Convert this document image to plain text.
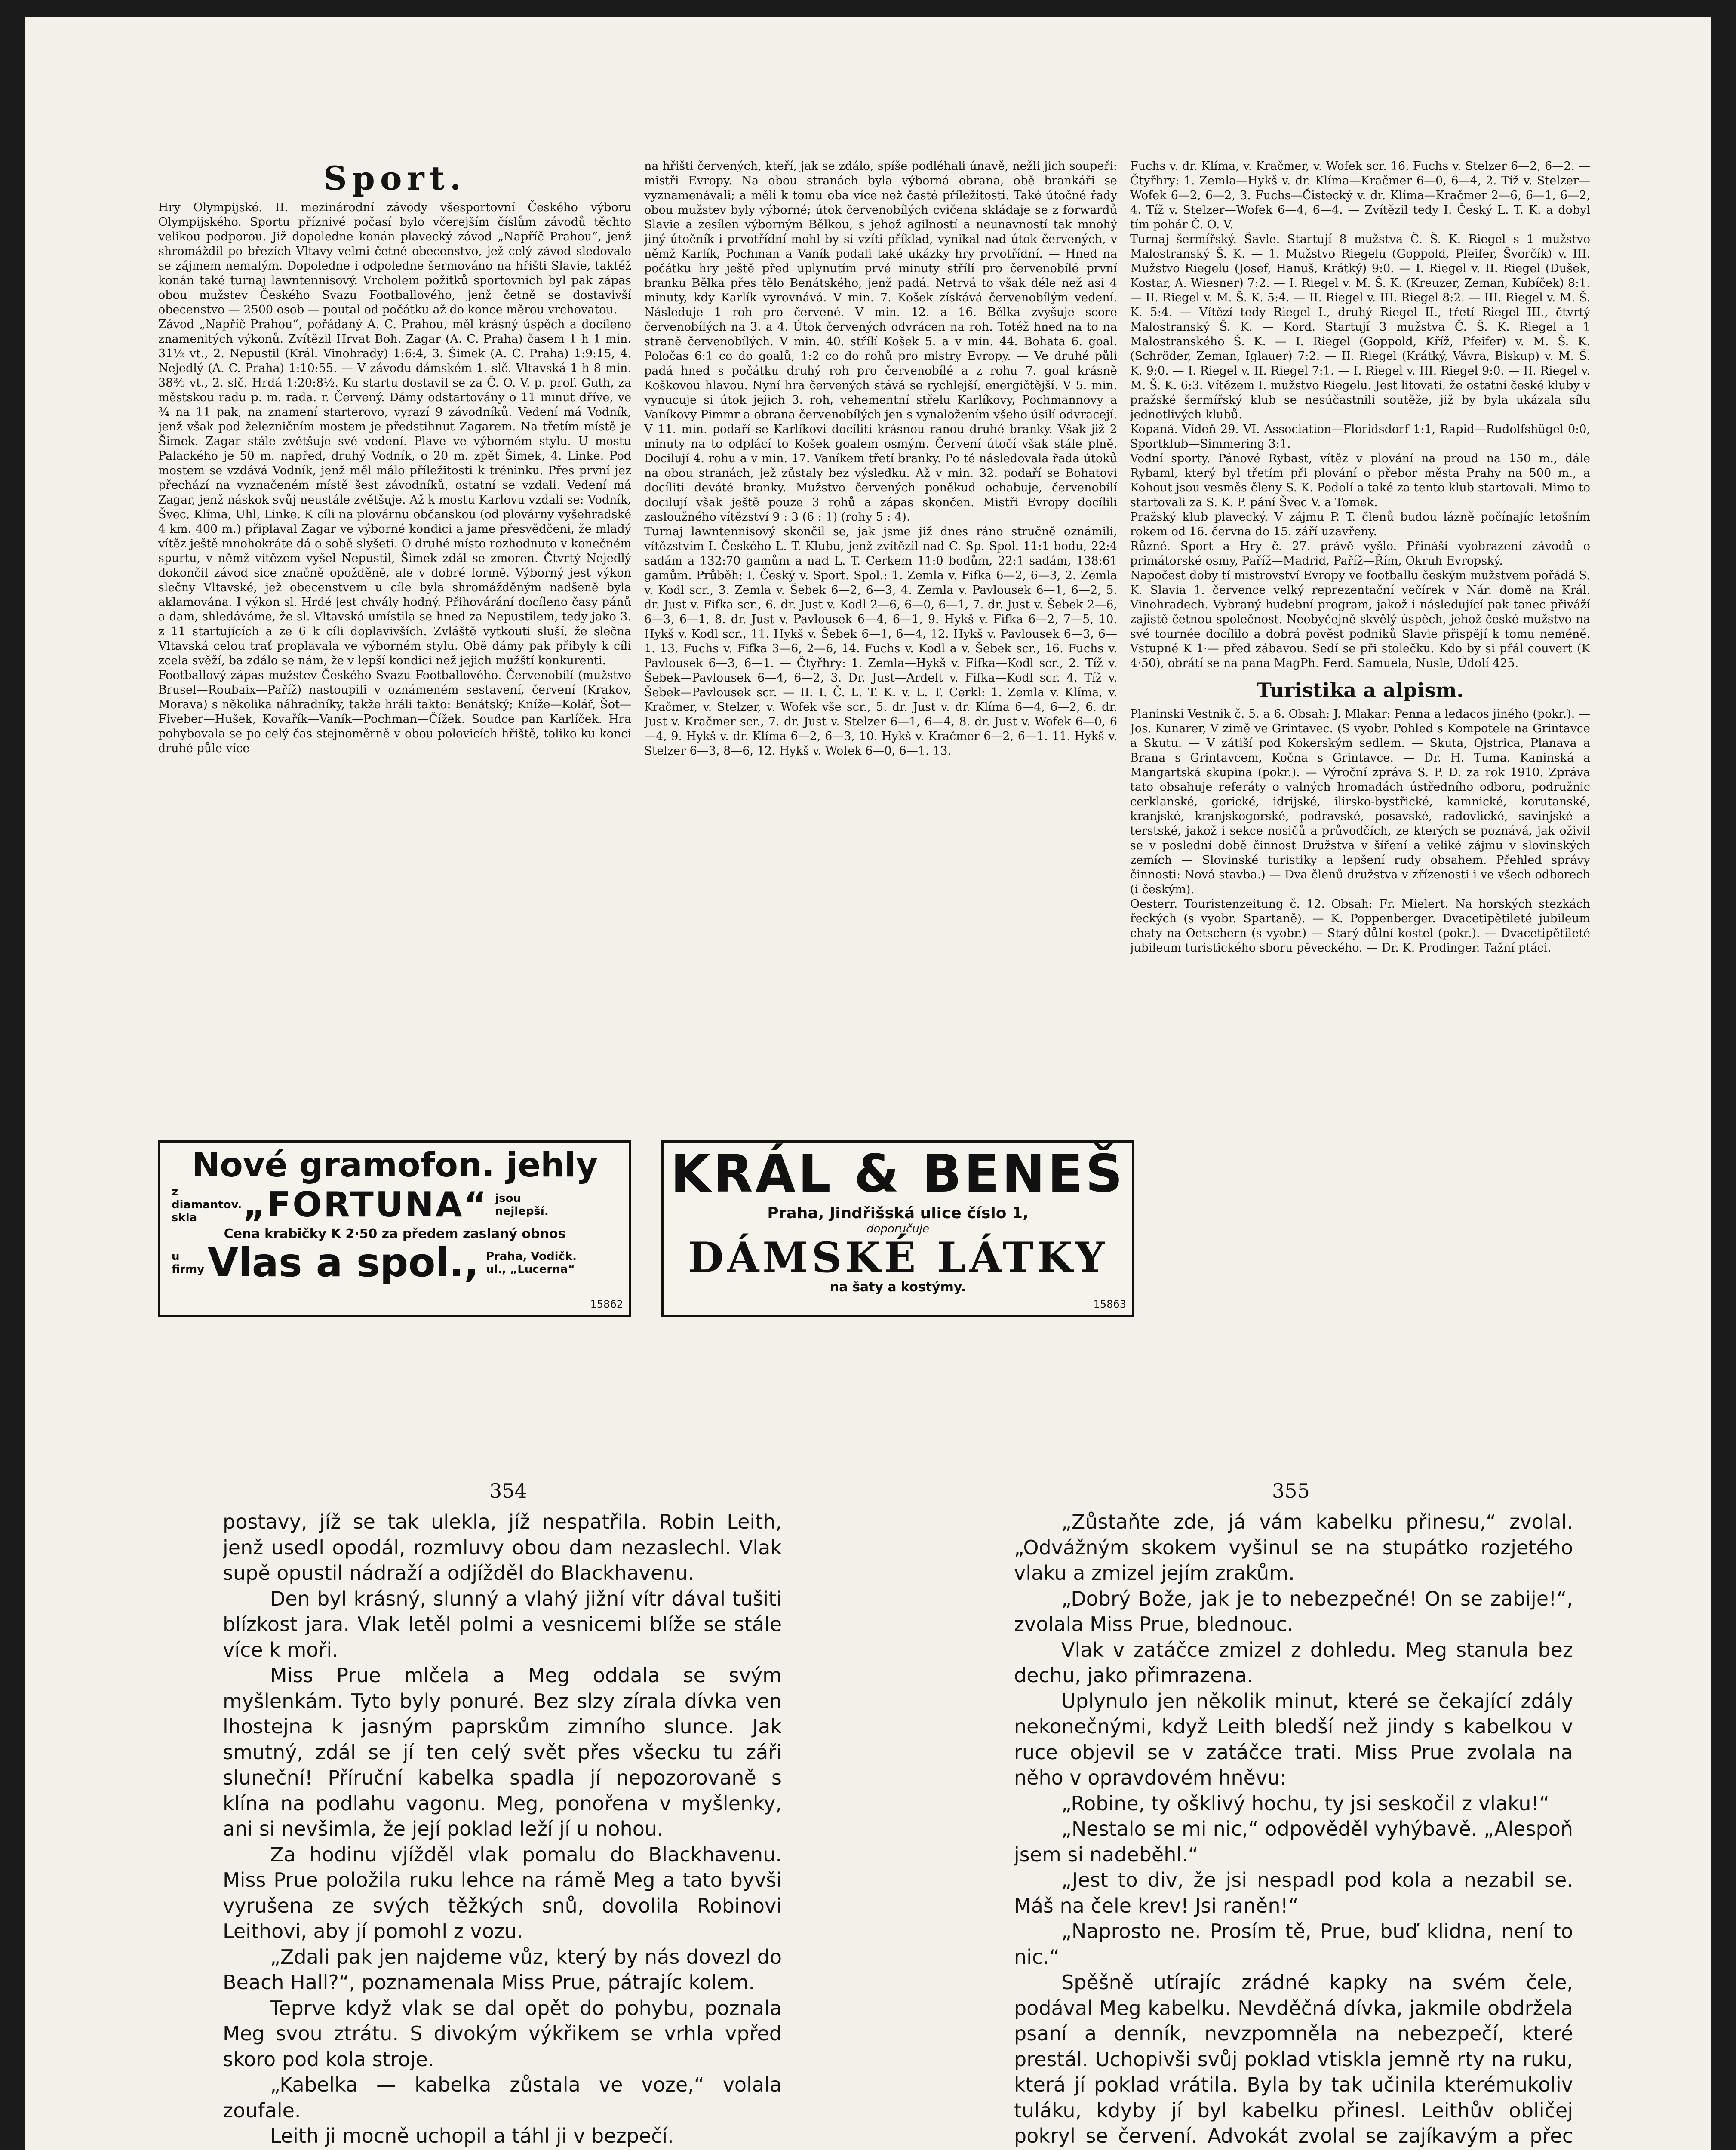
Sport.

Hry Olympijské. II. mezinárodní závody všesportovní Českého výboru Olympijského. Sportu příznivé počasí bylo včerejším číslům závodů těchto velikou podporou. Již dopoledne konán plavecký závod „Napříč Prahou“, jenž shromáždil po březích Vltavy velmi četné obecenstvo, jež celý závod sledovalo se zájmem nemalým. Dopoledne i odpoledne šermováno na hřišti Slavie, taktéž konán také turnaj lawntennisový. Vrcholem požitků sportovních byl pak zápas obou mužstev Českého Svazu Footballového, jenž četně se dostavivší obecenstvo — 2500 osob — poutal od počátku až do konce měrou vrchovatou.

Závod „Napříč Prahou“, pořádaný A. C. Prahou, měl krásný úspěch a docíleno znamenitých výkonů. Zvítězil Hrvat Boh. Zagar (A. C. Praha) časem 1 h 1 min. 31½ vt., 2. Nepustil (Král. Vinohrady) 1:6:4, 3. Šimek (A. C. Praha) 1:9:15, 4. Nejedlý (A. C. Praha) 1:10:55. — V závodu dámském 1. slč. Vltavská 1 h 8 min. 38⅗ vt., 2. slč. Hrdá 1:20:8½. Ku startu dostavil se za Č. O. V. p. prof. Guth, za městskou radu p. m. rada. r. Červený. Dámy odstartovány o 11 minut dříve, ve ¾ na 11 pak, na znamení starterovo, vyrazí 9 závodníků. Vedení má Vodník, jenž však pod železničním mostem je předstihnut Zagarem. Na třetím místě je Šimek. Zagar stále zvětšuje své vedení. Plave ve výborném stylu. U mostu Palackého je 50 m. napřed, druhý Vodník, o 20 m. zpět Šimek, 4. Linke. Pod mostem se vzdává Vodník, jenž měl málo příležitosti k tréninku. Přes první jez přechází na vyznačeném místě šest závodníků, ostatní se vzdali. Vedení má Zagar, jenž náskok svůj neustále zvětšuje. Až k mostu Karlovu vzdali se: Vodník, Švec, Klíma, Uhl, Linke. K cíli na plovárnu občanskou (od plovárny vyšehradské 4 km. 400 m.) připlaval Zagar ve výborné kondici a jame přesvědčeni, že mladý vítěz ještě mnohokráte dá o sobě slyšeti. O druhé místo rozhodnuto v konečném spurtu, v němž vítězem vyšel Nepustil, Šimek zdál se zmoren. Čtvrtý Nejedlý dokončil závod sice značně opožděně, ale v dobré formě. Výborný jest výkon slečny Vltavské, jež obecenstvem u cíle byla shromážděným nadšeně byla aklamována. I výkon sl. Hrdé jest chvály hodný. Přihovárání docíleno časy pánů a dam, shledáváme, že sl. Vltavská umístila se hned za Nepustilem, tedy jako 3. z 11 startujících a ze 6 k cíli doplavivších. Zvláště vytkouti sluší, že slečna Vltavská celou trať proplavala ve výborném stylu. Obě dámy pak přibyly k cíli zcela svěží, ba zdálo se nám, že v lepší kondici než jejich mužští konkurenti.

Footballový zápas mužstev Českého Svazu Footballového. Červenobílí (mužstvo Brusel—Roubaix—Paříž) nastoupili v oznámeném sestavení, červení (Krakov, Morava) s několika náhradníky, takže hráli takto: Benátský; Kníže—Kolář, Šot—Fiveber—Hušek, Kovařík—Vaník—Pochman—Čížek. Soudce pan Karlíček. Hra pohybovala se po celý čas stejnoměrně v obou polovicích hřiště, toliko ku konci druhé půle více

na hřišti červených, kteří, jak se zdálo, spíše podléhali únavě, nežli jich soupeři: mistři Evropy. Na obou stranách byla výborná obrana, obě brankáři se vyznamenávali; a měli k tomu oba více než časté příležitosti. Také útočné řady obou mužstev byly výborné; útok červenobílých cvičena skládaje se z forwardů Slavie a zesílen výborným Bělkou, s jehož agilností a neunavností tak mnohý jiný útočník i prvotřídní mohl by si vzíti příklad, vynikal nad útok červených, v němž Karlík, Pochman a Vaník podali také ukázky hry prvotřídní. — Hned na počátku hry ještě před uplynutím prvé minuty střílí pro červenobílé první branku Bělka přes tělo Benátského, jenž padá. Netrvá to však déle než asi 4 minuty, kdy Karlík vyrovnává. V min. 7. Košek získává červenobílým vedení. Následuje 1 roh pro červené. V min. 12. a 16. Bělka zvyšuje score červenobílých na 3. a 4. Útok červených odvrácen na roh. Totéž hned na to na straně červenobílých. V min. 40. střílí Košek 5. a v min. 44. Bohata 6. goal. Poločas 6:1 co do goalů, 1:2 co do rohů pro mistry Evropy. — Ve druhé půli padá hned s počátku druhý roh pro červenobílé a z rohu 7. goal krásně Koškovou hlavou. Nyní hra červených stává se rychlejší, energičtější. V 5. min. vynucuje si útok jejich 3. roh, vehementní střelu Karlíkovy, Pochmannovy a Vaníkovy Pimmr a obrana červenobílých jen s vynaložením všeho úsilí odvracejí. V 11. min. podaří se Karlíkovi docíliti krásnou ranou druhé branky. Však již 2 minuty na to odplácí to Košek goalem osmým. Červení útočí však stále plně. Docilují 4. rohu a v min. 17. Vaníkem třetí branky. Po té následovala řada útoků na obou stranách, jež zůstaly bez výsledku. Až v min. 32. podaří se Bohatovi docíliti deváté branky. Mužstvo červených poněkud ochabuje, červenobílí docilují však ještě pouze 3 rohů a zápas skončen. Mistři Evropy docílili zasloužného vítězství 9 : 3 (6 : 1) (rohy 5 : 4).

Turnaj lawntennisový skončil se, jak jsme již dnes ráno stručně oznámili, vítězstvím I. Českého L. T. Klubu, jenž zvítězil nad C. Sp. Spol. 11:1 bodu, 22:4 sadám a 132:70 gamům a nad L. T. Cerkem 11:0 bodům, 22:1 sadám, 138:61 gamům. Průběh: I. Český v. Sport. Spol.: 1. Zemla v. Fifka 6—2, 6—3, 2. Zemla v. Kodl scr., 3. Zemla v. Šebek 6—2, 6—3, 4. Zemla v. Pavlousek 6—1, 6—2, 5. dr. Just v. Fifka scr., 6. dr. Just v. Kodl 2—6, 6—0, 6—1, 7. dr. Just v. Šebek 2—6, 6—3, 6—1, 8. dr. Just v. Pavlousek 6—4, 6—1, 9. Hykš v. Fifka 6—2, 7—5, 10. Hykš v. Kodl scr., 11. Hykš v. Šebek 6—1, 6—4, 12. Hykš v. Pavlousek 6—3, 6—1. 13. Fuchs v. Fifka 3—6, 2—6, 14. Fuchs v. Kodl a v. Šebek scr., 16. Fuchs v. Pavlousek 6—3, 6—1. — Čtyřhry: 1. Zemla—Hykš v. Fifka—Kodl scr., 2. Tíž v. Šebek—Pavlousek 6—4, 6—2, 3. Dr. Just—Ardelt v. Fifka—Kodl scr. 4. Tíž v. Šebek—Pavlousek scr. — II. I. Č. L. T. K. v. L. T. Cerkl: 1. Zemla v. Klíma, v. Kračmer, v. Stelzer, v. Wofek vše scr., 5. dr. Just v. dr. Klíma 6—4, 6—2, 6. dr. Just v. Kračmer scr., 7. dr. Just v. Stelzer 6—1, 6—4, 8. dr. Just v. Wofek 6—0, 6—4, 9. Hykš v. dr. Klíma 6—2, 6—3, 10. Hykš v. Kračmer 6—2, 6—1. 11. Hykš v. Stelzer 6—3, 8—6, 12. Hykš v. Wofek 6—0, 6—1. 13.

Fuchs v. dr. Klíma, v. Kračmer, v. Wofek scr. 16. Fuchs v. Stelzer 6—2, 6—2. — Čtyřhry: 1. Zemla—Hykš v. dr. Klíma—Kračmer 6—0, 6—4, 2. Tíž v. Stelzer—Wofek 6—2, 6—2, 3. Fuchs—Čistecký v. dr. Klíma—Kračmer 2—6, 6—1, 6—2, 4. Tíž v. Stelzer—Wofek 6—4, 6—4. — Zvítězil tedy I. Český L. T. K. a dobyl tím pohár Č. O. V.

Turnaj šermířský. Šavle. Startují 8 mužstva Č. Š. K. Riegel s 1 mužstvo Malostranský Š. K. — 1. Mužstvo Riegelu (Goppold, Pfeifer, Švorčík) v. III. Mužstvo Riegelu (Josef, Hanuš, Krátký) 9:0. — I. Riegel v. II. Riegel (Dušek, Kostar, A. Wiesner) 7:2. — I. Riegel v. M. Š. K. (Kreuzer, Zeman, Kubíček) 8:1. — II. Riegel v. M. Š. K. 5:4. — II. Riegel v. III. Riegel 8:2. — III. Riegel v. M. Š. K. 5:4. — Vítězí tedy Riegel I., druhý Riegel II., třetí Riegel III., čtvrtý Malostranský Š. K. — Kord. Startují 3 mužstva Č. Š. K. Riegel a 1 Malostranského Š. K. — I. Riegel (Goppold, Kříž, Pfeifer) v. M. Š. K. (Schröder, Zeman, Iglauer) 7:2. — II. Riegel (Krátký, Vávra, Biskup) v. M. Š. K. 9:0. — I. Riegel v. II. Riegel 7:1. — I. Riegel v. III. Riegel 9:0. — II. Riegel v. M. Š. K. 6:3. Vítězem I. mužstvo Riegelu. Jest litovati, že ostatní české kluby v pražské šermířský klub se nesúčastnili soutěže, již by byla ukázala sílu jednotlivých klubů.

Kopaná. Vídeň 29. VI. Association—Floridsdorf 1:1, Rapid—Rudolfshügel 0:0, Sportklub—Simmering 3:1.

Vodní sporty. Pánové Rybast, vítěz v plování na proud na 150 m., dále Rybaml, který byl třetím při plování o přebor města Prahy na 500 m., a Kohout jsou vesměs členy S. K. Podolí a také za tento klub startovali. Mimo to startovali za S. K. P. pání Švec V. a Tomek.

Pražský klub plavecký. V zájmu P. T. členů budou lázně počínajíc letošním rokem od 16. června do 15. září uzavřeny.

Různé. Sport a Hry č. 27. právě vyšlo. Přináší vyobrazení závodů o primátorské osmy, Paříž—Madrid, Paříž—Řím, Okruh Evropský.

Napočest doby tí mistrovství Evropy ve footballu českým mužstvem pořádá S. K. Slavia 1. července velký reprezentační večírek v Nár. domě na Král. Vinohradech. Vybraný hudební program, jakož i následující pak tanec přiváží zajistě četnou společnost. Neobyčejně skvělý úspěch, jehož české mužstvo na své tournée docílilo a dobrá pověst podniků Slavie přispějí k tomu neméně. Vstupné K 1·— před zábavou. Sedí se při stolečku. Kdo by si přál couvert (K 4·50), obrátí se na pana MagPh. Ferd. Samuela, Nusle, Údolí 425.

Turistika a alpism.

Planinski Vestnik č. 5. a 6. Obsah: J. Mlakar: Penna a ledacos jiného (pokr.). — Jos. Kunarer, V zimě ve Grintavec. (S vyobr. Pohled s Kompotele na Grintavce a Skutu. — V zátiší pod Kokerským sedlem. — Skuta, Ojstrica, Planava a Brana s Grintavcem, Kočna s Grintavce. — Dr. H. Tuma. Kaninská a Mangartská skupina (pokr.). — Výroční zpráva S. P. D. za rok 1910. Zpráva tato obsahuje referáty o valných hromadách ústředního odboru, podružnic cerklanské, gorické, idrijské, ilirsko-bystřické, kamnické, korutanské, kranjské, kranjskogorské, podravské, posavské, radovlické, savinjské a terstské, jakož i sekce nosičů a průvodčích, ze kterých se poznává, jak oživil se v poslední době činnost Družstva v šíření a veliké zájmu v slovinských zemích — Slovinské turistiky a lepšení rudy obsahem. Přehled správy činnosti: Nová stavba.) — Dva členů družstva v zřízenosti i ve všech odborech (i českým).

Oesterr. Touristenzeitung č. 12. Obsah: Fr. Mielert. Na horských stezkách řeckých (s vyobr. Spartaně). — K. Poppenberger. Dvacetipětileté jubileum chaty na Oetschern (s vyobr.) — Starý důlní kostel (pokr.). — Dvacetipětileté jubileum turistického sboru pěveckého. — Dr. K. Prodinger. Tažní ptáci.

Nové gramofon. jehly
z diamantov. skla	„FORTUNA“ jsou nejlepší.
Cena krabičky K 2·50 za předem zaslaný obnos
u firmy Vlas a spol., Praha, Vodičk. ul., „Lucerna“
15862
KRÁL & BENEŠ
Praha, Jindřišská ulice číslo 1,
doporučuje
DÁMSKÉ LÁTKY
na šaty a kostýmy.
15863
354	355

postavy, jíž se tak ulekla, jíž nespatřila. Robin Leith, jenž usedl opodál, rozmluvy obou dam nezaslechl. Vlak supě opustil nádraží a odjížděl do Blackhavenu.

Den byl krásný, slunný a vlahý jižní vítr dával tušiti blízkost jara. Vlak letěl polmi a vesnicemi blíže se stále více k moři.

Miss Prue mlčela a Meg oddala se svým myšlenkám. Tyto byly ponuré. Bez slzy zírala dívka ven lhostejna k jasným paprskům zimního slunce. Jak smutný, zdál se jí ten celý svět přes všecku tu záři sluneční! Příruční kabelka spadla jí nepozorovaně s klína na podlahu vagonu. Meg, ponořena v myšlenky, ani si nevšimla, že její poklad leží jí u nohou.

Za hodinu vjížděl vlak pomalu do Blackhavenu. Miss Prue položila ruku lehce na rámě Meg a tato byvši vyrušena ze svých těžkých snů, dovolila Robinovi Leithovi, aby jí pomohl z vozu.

„Zdali pak jen najdeme vůz, který by nás dovezl do Beach Hall?“, poznamenala Miss Prue, pátrajíc kolem.

Teprve když vlak se dal opět do pohybu, poznala Meg svou ztrátu. S divokým výkřikem se vrhla vpřed skoro pod kola stroje.

„Kabelka — kabelka zůstala ve voze,“ volala zoufale.

Leith ji mocně uchopil a táhl ji v bezpečí.

„Zůstaňte zde, já vám kabelku přinesu,“ zvolal. „Odvážným skokem vyšinul se na stupátko rozjetého vlaku a zmizel jejím zrakům.

„Dobrý Bože, jak je to nebezpečné! On se zabije!“, zvolala Miss Prue, blednouc.

Vlak v zatáčce zmizel z dohledu. Meg stanula bez dechu, jako přimrazena.

Uplynulo jen několik minut, které se čekající zdály nekonečnými, když Leith bledší než jindy s kabelkou v ruce objevil se v zatáčce trati. Miss Prue zvolala na něho v opravdovém hněvu:

„Robine, ty ošklivý hochu, ty jsi seskočil z vlaku!“

„Nestalo se mi nic,“ odpověděl vyhýbavě. „Alespoň jsem si nadeběhl.“

„Jest to div, že jsi nespadl pod kola a nezabil se. Máš na čele krev! Jsi raněn!“

„Naprosto ne. Prosím tě, Prue, buď klidna, není to nic.“

Spěšně utírajíc zrádné kapky na svém čele, podával Meg kabelku. Nevděčná dívka, jakmile obdržela psaní a denník, nevzpomněla na nebezpečí, které prestál. Uchopivši svůj poklad vtiskla jemně rty na ruku, která jí poklad vrátila. Byla by tak učinila kterémukoliv tuláku, kdyby jí byl kabelku přinesl. Leithův obličej pokryl se červení. Advokát zvolal se zajíkavým a přec
